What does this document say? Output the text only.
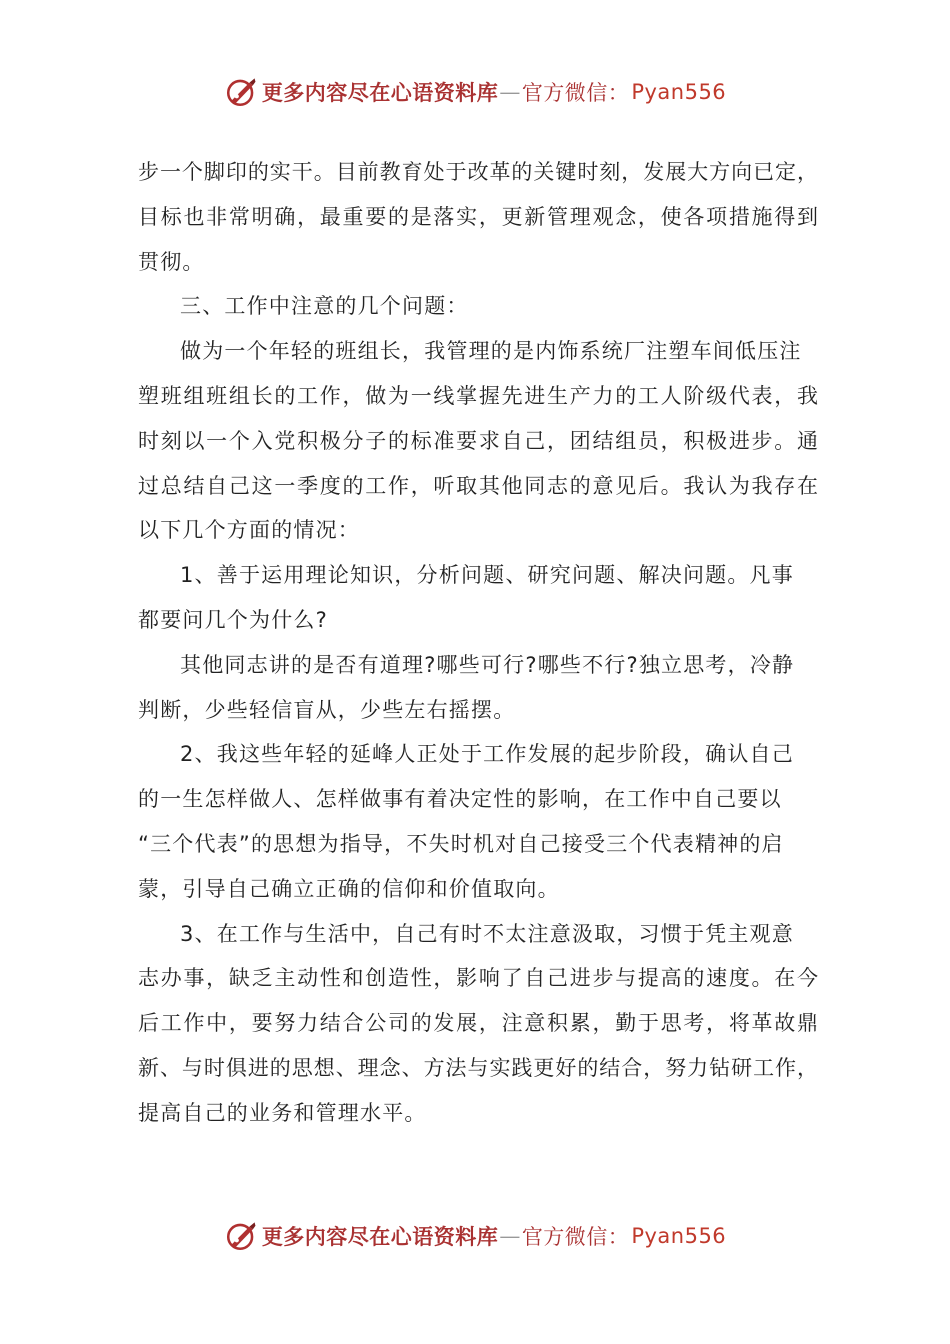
更多内容尽在心语资料库 — 官方微信： Pyan556
步一个脚印的实干。目前教育处于改革的关键时刻，发展大方向已定，
目标也非常明确，最重要的是落实，更新管理观念，使各项措施得到
贯彻。
三、工作中注意的几个问题：
做为一个年轻的班组长，我管理的是内饰系统厂注塑车间低压注
塑班组班组长的工作，做为一线掌握先进生产力的工人阶级代表，我
时刻以一个入党积极分子的标准要求自己，团结组员，积极进步。通
过总结自己这一季度的工作，听取其他同志的意见后。我认为我存在
以下几个方面的情况：
1、善于运用理论知识，分析问题、研究问题、解决问题。凡事
都要问几个为什么?
其他同志讲的是否有道理?哪些可行?哪些不行?独立思考，冷静
判断，少些轻信盲从，少些左右摇摆。
2、我这些年轻的延峰人正处于工作发展的起步阶段，确认自己
的一生怎样做人、怎样做事有着决定性的影响，在工作中自己要以
“三个代表”的思想为指导，不失时机对自己接受三个代表精神的启
蒙，引导自己确立正确的信仰和价值取向。
3、在工作与生活中，自己有时不太注意汲取，习惯于凭主观意
志办事，缺乏主动性和创造性，影响了自己进步与提高的速度。在今
后工作中，要努力结合公司的发展，注意积累，勤于思考，将革故鼎
新、与时俱进的思想、理念、方法与实践更好的结合，努力钻研工作，
提高自己的业务和管理水平。
更多内容尽在心语资料库 — 官方微信： Pyan556
